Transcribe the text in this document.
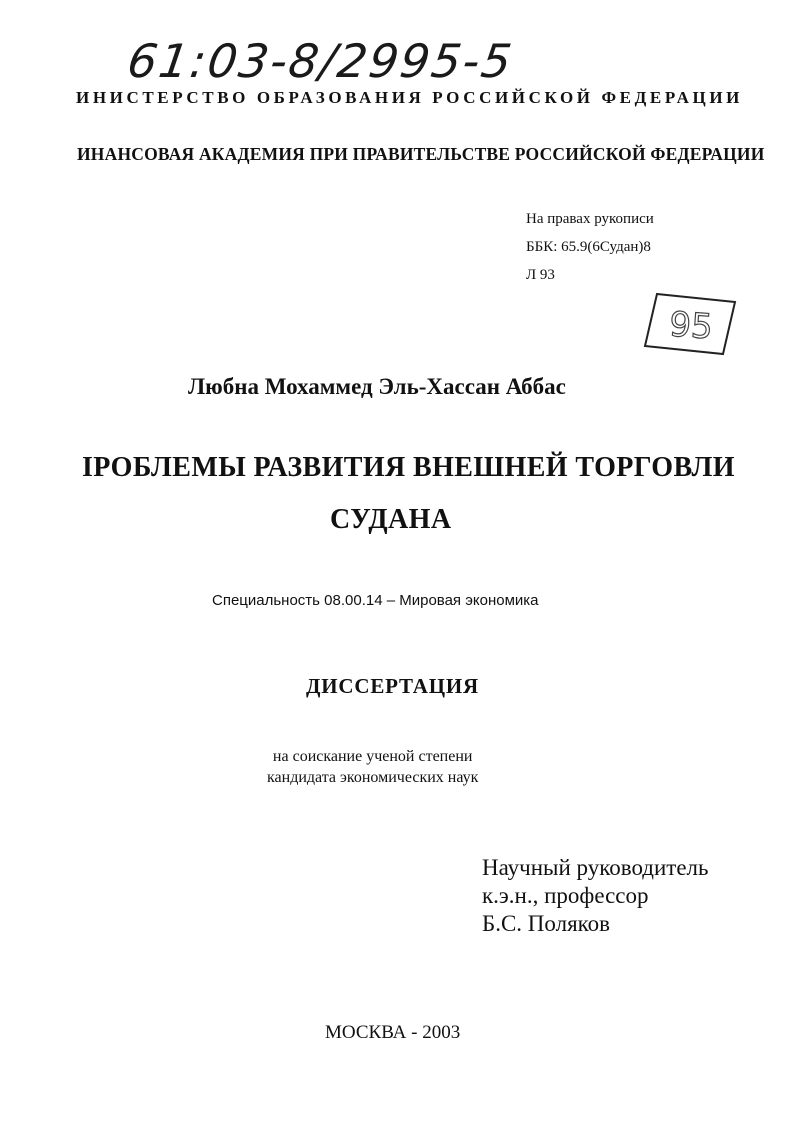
61:03-8/2995-5
ИНИСТЕРСТВО ОБРАЗОВАНИЯ РОССИЙСКОЙ ФЕДЕРАЦИИ
ИНАНСОВАЯ АКАДЕМИЯ ПРИ ПРАВИТЕЛЬСТВЕ РОССИЙСКОЙ ФЕДЕРАЦИИ
На правах рукописи
ББК: 65.9(6Судан)8
Л 93
95
Любна Мохаммед Эль-Хассан Аббас
ІРОБЛЕМЫ РАЗВИТИЯ ВНЕШНЕЙ ТОРГОВЛИ
СУДАНА
Специальность 08.00.14 – Мировая экономика
ДИССЕРТАЦИЯ
на соискание ученой степени
кандидата экономических наук
Научный руководитель
к.э.н., профессор
Б.С. Поляков
МОСКВА - 2003
